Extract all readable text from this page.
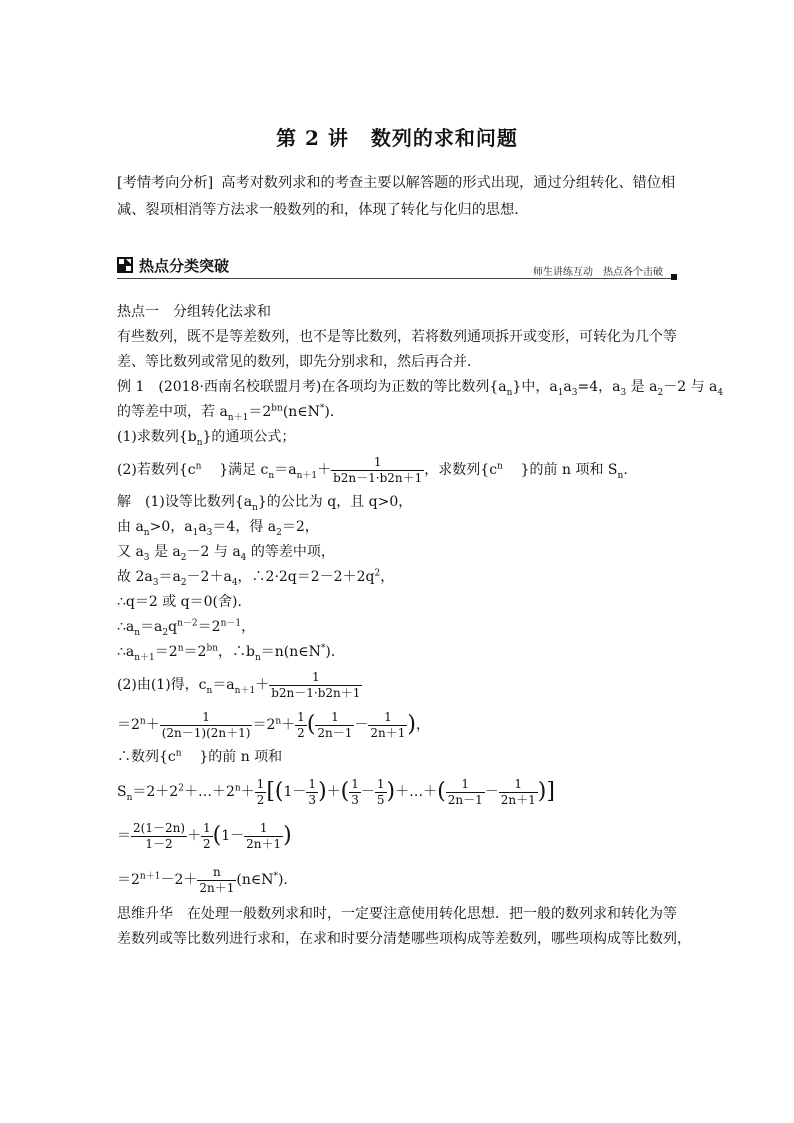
第 2 讲 数列的求和问题
[考情考向分析] 高考对数列求和的考查主要以解答题的形式出现，通过分组转化、错位相减、裂项相消等方法求一般数列的和，体现了转化与化归的思想．
热点分类突破	师生讲练互动　热点各个击破
热点一　分组转化法求和
有些数列，既不是等差数列，也不是等比数列，若将数列通项拆开或变形，可转化为几个等
差、等比数列或常见的数列，即先分别求和，然后再合并．
例 1　(2018·西南名校联盟月考)在各项均为正数的等比数列$\{a_n\}$中，$a_1a_3=4$，$a_3$ 是 $a_2-2$ 与 $a_4$
的等差中项，若 $a_{n+1}=2^{bn}(n\in N^*)$．
(1)求数列$\{b_n\}$的通项公式；
(2)若数列{$c^n$ }满足 $c_n=a_{n+1}+ \frac{1}{b2n-1\cdot b2n+1}$ ，求数列{$c^n$ }的前 n 项和 $S_n$.
解　(1)设等比数列$\{a_n\}$的公比为 q，且 q>0，
由 $a_n>0$，$a_1a_3=4$，得 $a_2=2$，
又 $a_3$ 是 $a_2-2$ 与 $a_4$ 的等差中项，
故 $2a_3=a_2-2+a_4$，$\therefore 2\cdot 2q=2-2+2q^2$，
∴q＝2 或 q＝0(舍)．
$\therefore a_n=a_2q^{n-2}=2^{n-1}$，
$\therefore a_{n+1}=2^n=2^{bn}$，$\therefore b_n=n(n\in N^*)$．
(2)由(1)得，$c_n=a_{n+1}+ \frac{1}{b2n-1\cdot b2n+1}$
$=2^n+ \frac{1}{(2n-1)(2n+1)} =2^n+ \frac{1}{2}$ ( $\frac{1}{2n-1} - \frac{1}{2n+1}$ )，
∴数列{$c^n$ }的前 n 项和
$S_n=2+2^2+\dots+2^n+ \frac{1}{2} [(1- \frac{1}{3}$ )＋( $\frac{1}{3} - \frac{1}{5}$ )＋…＋( $\frac{1}{2n-1} - \frac{1}{2n+1}$ )]
＝ $\frac{2(1-2n)}{1-2} + \frac{1}{2} (1- \frac{1}{2n+1}$ )
$=2^{n+1}-2+ \frac{n}{2n+1}$ (n∈N*)．
思维升华　在处理一般数列求和时，一定要注意使用转化思想．把一般的数列求和转化为等
差数列或等比数列进行求和，在求和时要分清楚哪些项构成等差数列，哪些项构成等比数列，
